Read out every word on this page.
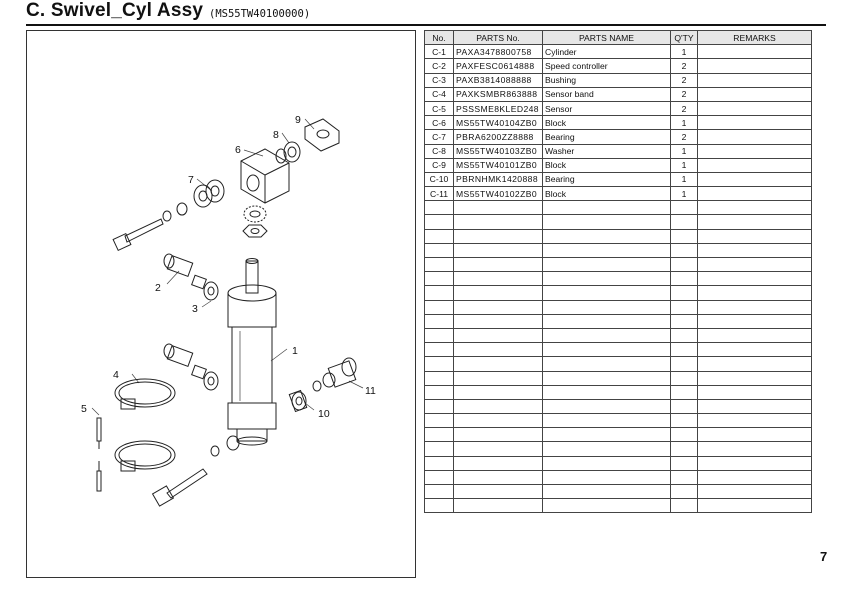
C. Swivel_Cyl Assy (MS55TW40100000)
1
2
3
4
5
6
7
8
9
10
11
No.	PARTS No.	PARTS NAME	Q'TY	REMARKS
C-1	PAXA3478800758	Cylinder	1	
C-2	PAXFESC0614888	Speed controller	2	
C-3	PAXB3814088888	Bushing	2	
C-4	PAXKSMBR863888	Sensor band	2	
C-5	PSSSME8KLED248	Sensor	2	
C-6	MS55TW40104ZB0	Block	1	
C-7	PBRA6200ZZ8888	Bearing	2	
C-8	MS55TW40103ZB0	Washer	1	
C-9	MS55TW40101ZB0	Block	1	
C-10	PBRNHMK1420888	Bearing	1	
C-11	MS55TW40102ZB0	Block	1	

7
